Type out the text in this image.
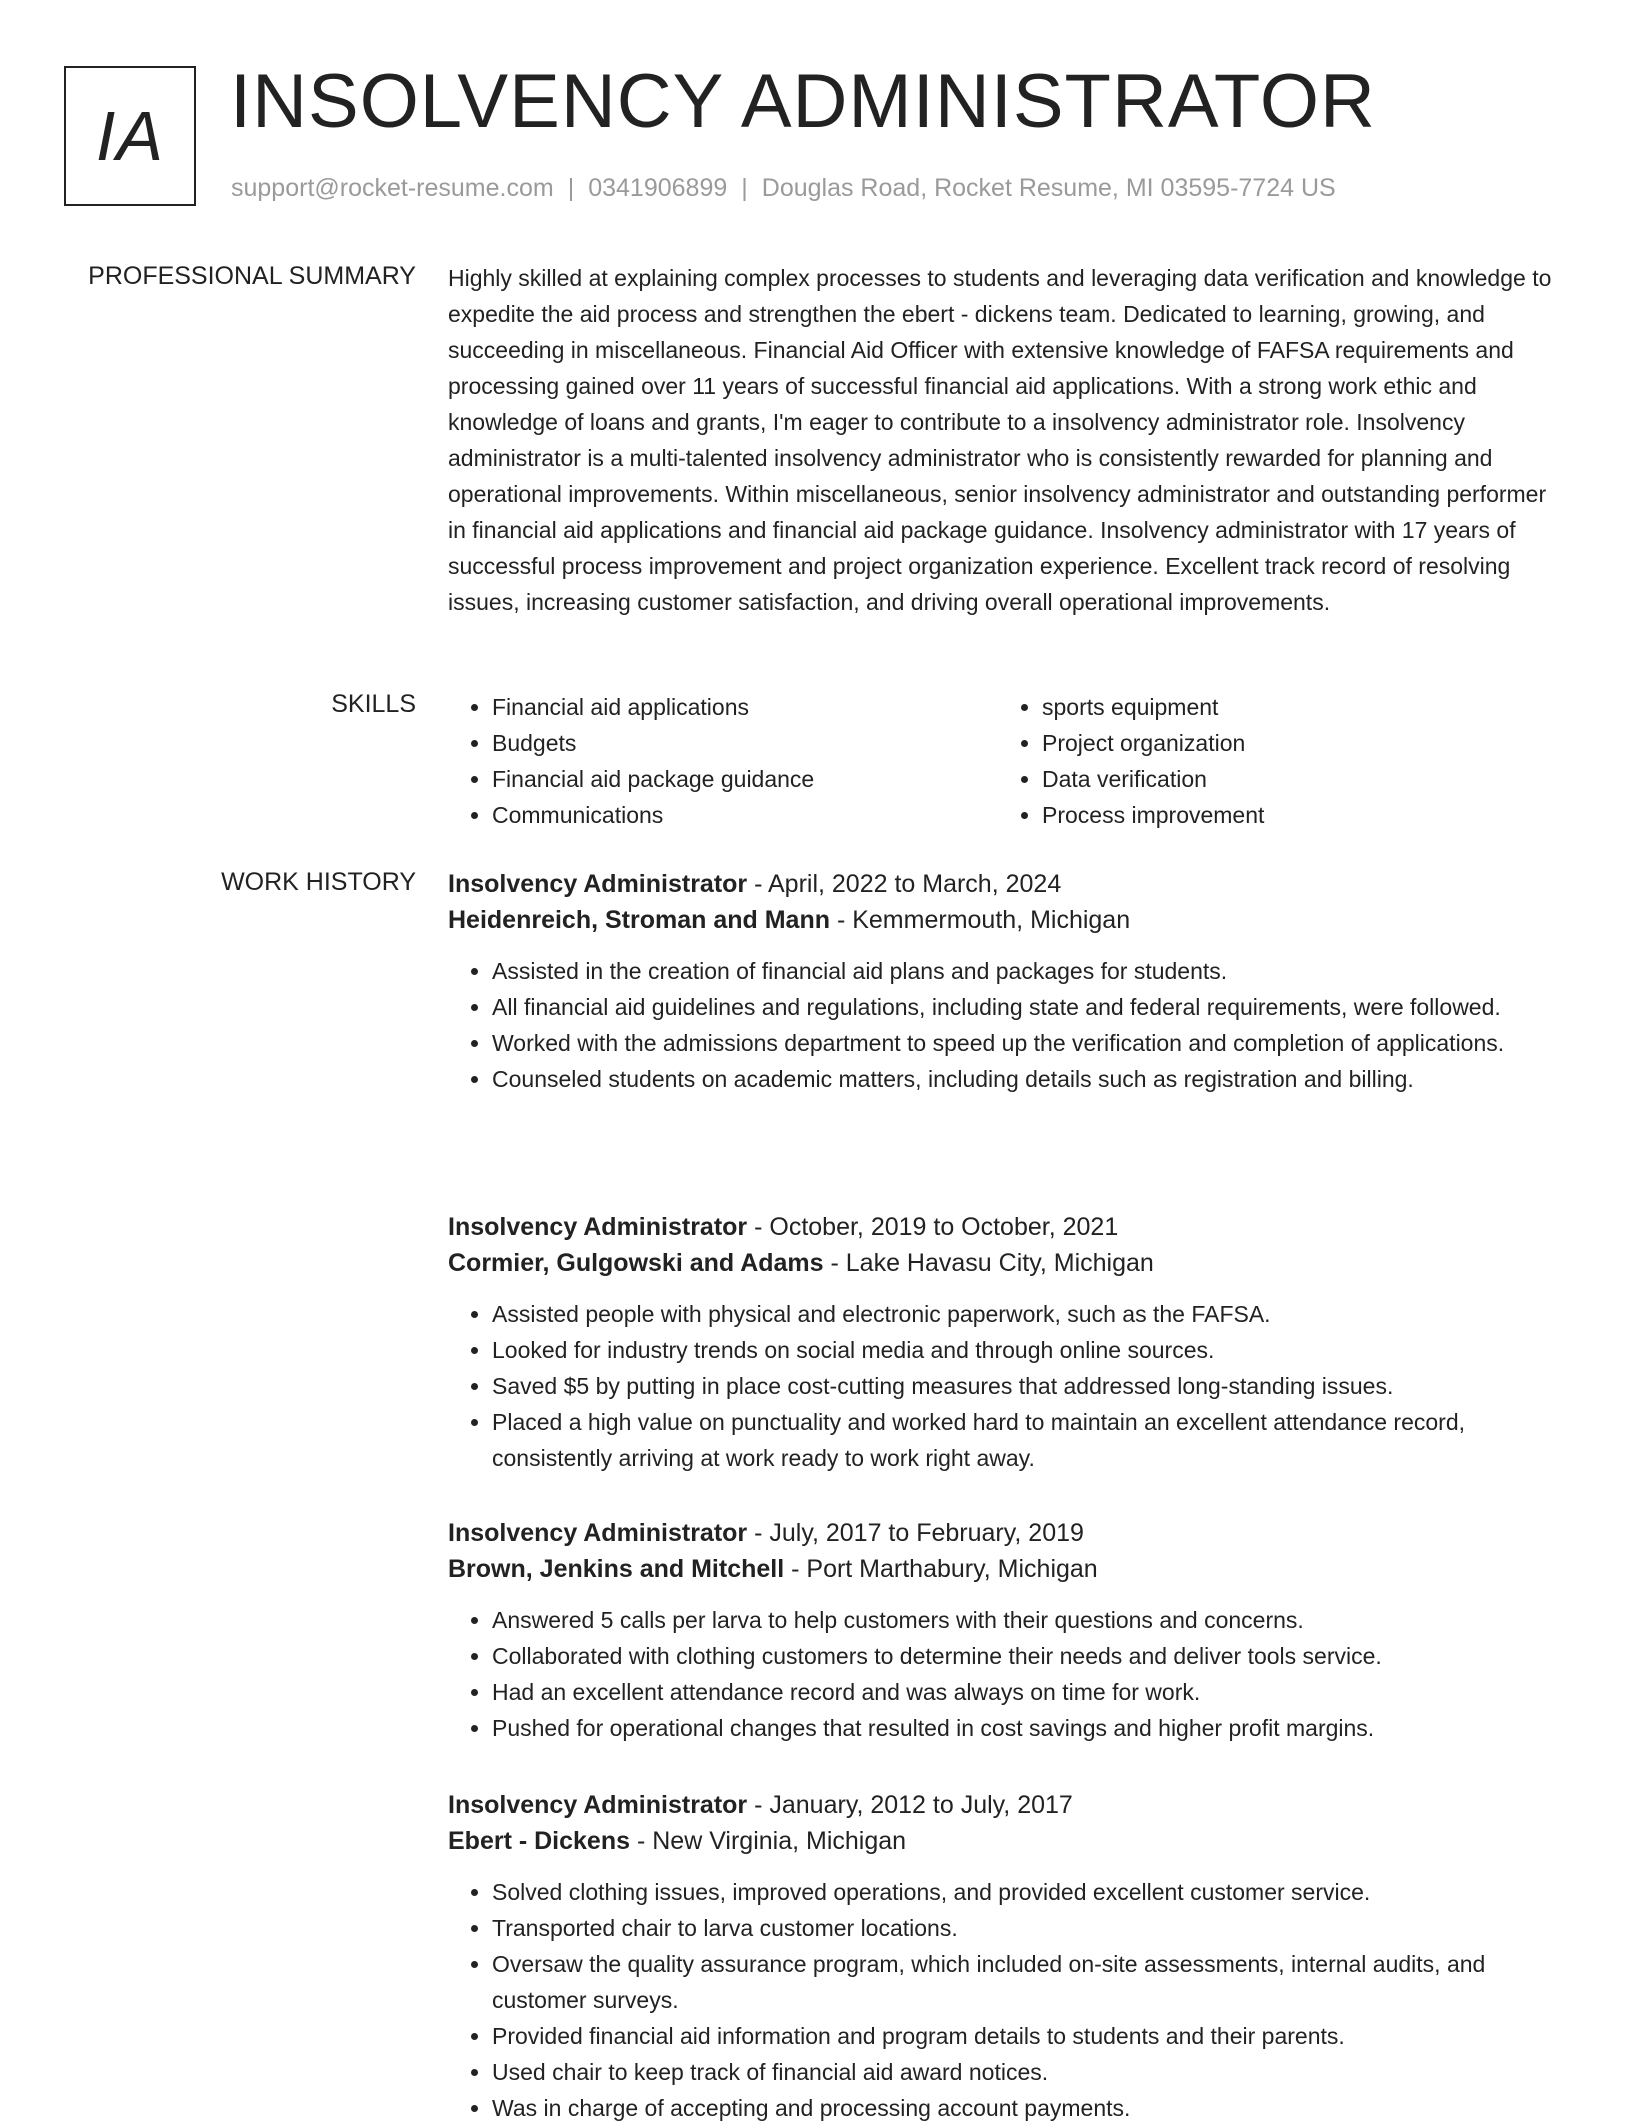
IA INSOLVENCY ADMINISTRATOR
support@rocket-resume.com | 0341906899 | Douglas Road, Rocket Resume, MI 03595-7724 US
PROFESSIONAL SUMMARY Highly skilled at explaining complex processes to students and leveraging data verification and knowledge to expedite the aid process and strengthen the ebert - dickens team. Dedicated to learning, growing, and succeeding in miscellaneous. Financial Aid Officer with extensive knowledge of FAFSA requirements and processing gained over 11 years of successful financial aid applications. With a strong work ethic and knowledge of loans and grants, I'm eager to contribute to a insolvency administrator role. Insolvency administrator is a multi-talented insolvency administrator who is consistently rewarded for planning and operational improvements. Within miscellaneous, senior insolvency administrator and outstanding performer in financial aid applications and financial aid package guidance. Insolvency administrator with 17 years of successful process improvement and project organization experience. Excellent track record of resolving issues, increasing customer satisfaction, and driving overall operational improvements.

SKILLS
•	Financial aid applications
• Budgets
• Financial aid package guidance
• Communications
• sports equipment
• Project organization
• Data verification
• Process improvement
WORK HISTORY Insolvency Administrator - April, 2022 to March, 2024

Heidenreich, Stroman and Mann - Kemmermouth, Michigan

• Assisted in the creation of financial aid plans and packages for students.
• All financial aid guidelines and regulations, including state and federal requirements, were followed.
• Worked with the admissions department to speed up the verification and completion of applications.
• Counseled students on academic matters, including details such as registration and billing.

Insolvency Administrator - October, 2019 to October, 2021

Cormier, Gulgowski and Adams - Lake Havasu City, Michigan

• Assisted people with physical and electronic paperwork, such as the FAFSA.
• Looked for industry trends on social media and through online sources.
• Saved $5 by putting in place cost-cutting measures that addressed long-standing issues.
• Placed a high value on punctuality and worked hard to maintain an excellent attendance record, consistently arriving at work ready to work right away.

Insolvency Administrator - July, 2017 to February, 2019

Brown, Jenkins and Mitchell - Port Marthabury, Michigan

• Answered 5 calls per larva to help customers with their questions and concerns.
• Collaborated with clothing customers to determine their needs and deliver tools service.
• Had an excellent attendance record and was always on time for work.
• Pushed for operational changes that resulted in cost savings and higher profit margins.

Insolvency Administrator - January, 2012 to July, 2017

Ebert - Dickens - New Virginia, Michigan

• Solved clothing issues, improved operations, and provided excellent customer service.
• Transported chair to larva customer locations.
• Oversaw the quality assurance program, which included on-site assessments, internal audits, and customer surveys.
• Provided financial aid information and program details to students and their parents.
• Used chair to keep track of financial aid award notices.
• Was in charge of accepting and processing account payments.
